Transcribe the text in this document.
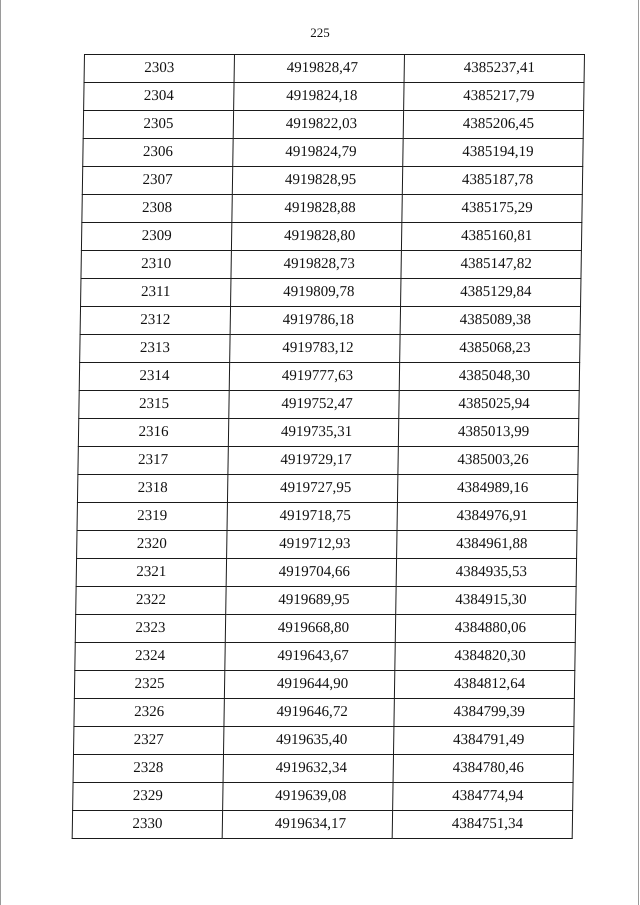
225
2303	4919828,47	4385237,41
2304	4919824,18	4385217,79
2305	4919822,03	4385206,45
2306	4919824,79	4385194,19
2307	4919828,95	4385187,78
2308	4919828,88	4385175,29
2309	4919828,80	4385160,81
2310	4919828,73	4385147,82
2311	4919809,78	4385129,84
2312	4919786,18	4385089,38
2313	4919783,12	4385068,23
2314	4919777,63	4385048,30
2315	4919752,47	4385025,94
2316	4919735,31	4385013,99
2317	4919729,17	4385003,26
2318	4919727,95	4384989,16
2319	4919718,75	4384976,91
2320	4919712,93	4384961,88
2321	4919704,66	4384935,53
2322	4919689,95	4384915,30
2323	4919668,80	4384880,06
2324	4919643,67	4384820,30
2325	4919644,90	4384812,64
2326	4919646,72	4384799,39
2327	4919635,40	4384791,49
2328	4919632,34	4384780,46
2329	4919639,08	4384774,94
2330	4919634,17	4384751,34
